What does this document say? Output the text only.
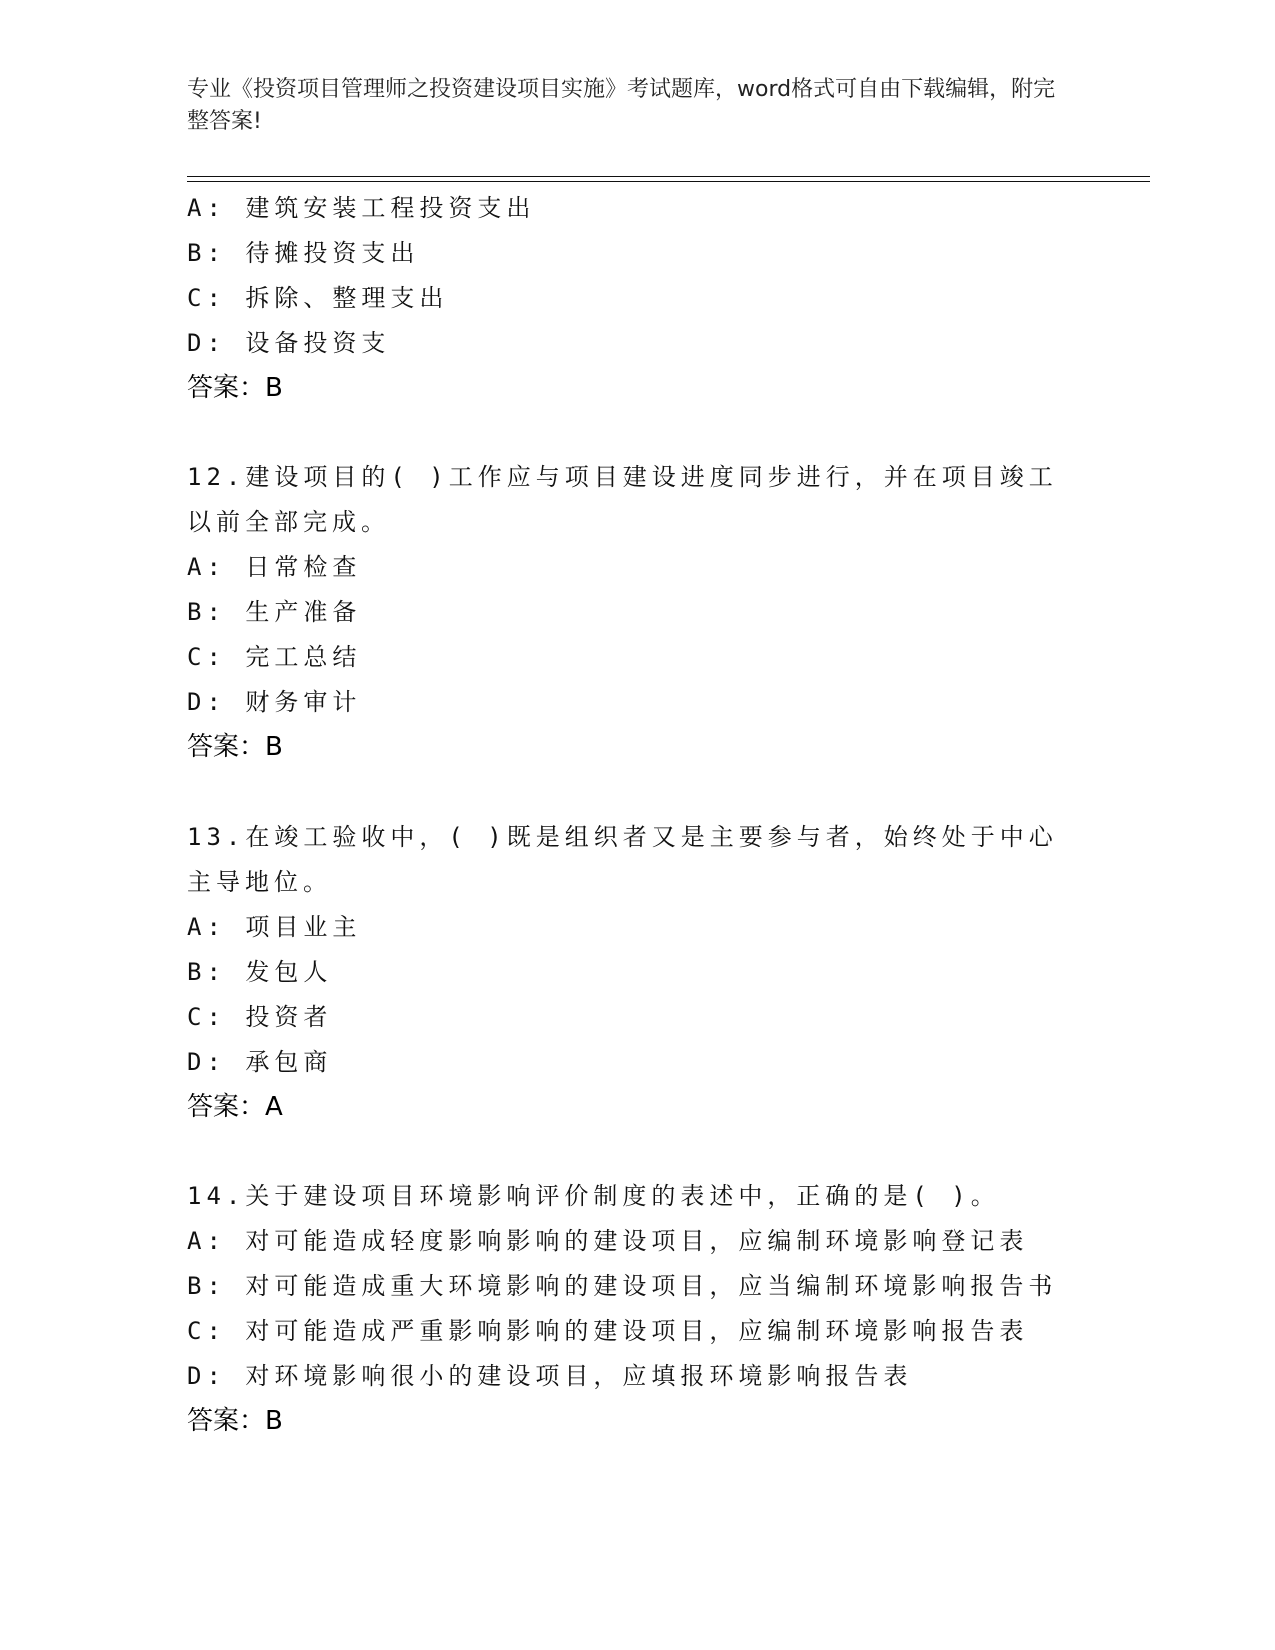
专业《投资项目管理师之投资建设项目实施》考试题库，word格式可自由下载编辑，附完整答案!
A: 建筑安装工程投资支出
B: 待摊投资支出
C: 拆除、整理支出
D: 设备投资支
答案：B
12.建设项目的( )工作应与项目建设进度同步进行，并在项目竣工
以前全部完成。
A: 日常检查
B: 生产准备
C: 完工总结
D: 财务审计
答案：B
13.在竣工验收中，( )既是组织者又是主要参与者，始终处于中心
主导地位。
A: 项目业主
B: 发包人
C: 投资者
D: 承包商
答案：A
14.关于建设项目环境影响评价制度的表述中，正确的是( )。
A: 对可能造成轻度影响影响的建设项目，应编制环境影响登记表
B: 对可能造成重大环境影响的建设项目，应当编制环境影响报告书
C: 对可能造成严重影响影响的建设项目，应编制环境影响报告表
D: 对环境影响很小的建设项目，应填报环境影响报告表
答案：B
